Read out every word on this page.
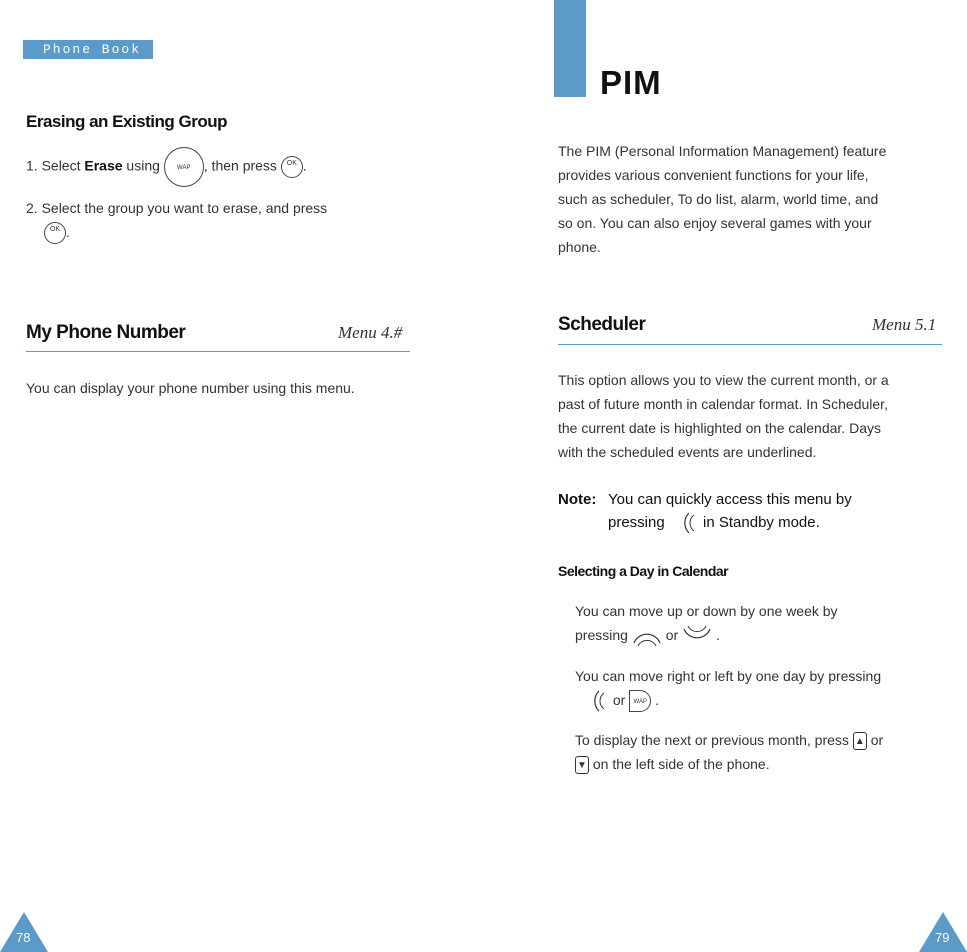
Phone Book
Erasing an Existing Group
1. Select Erase using WAP , then press OK .
2. Select the group you want to erase, and press
OK .
My Phone Number	Menu 4.#
You can display your phone number using this menu.
78
PIM
The PIM (Personal Information Management) feature
provides various convenient functions for your life,
such as scheduler, To do list, alarm, world time, and
so on. You can also enjoy several games with your
phone.
Scheduler	Menu 5.1
This option allows you to view the current month, or a
past of future month in calendar format. In Scheduler,
the current date is highlighted on the calendar. Days
with the scheduled events are underlined.
Note: You can quickly access this menu by
pressing  in Standby mode.
Selecting a Day in Calendar
You can move up or down by one week by
pressing  or  .
You can move right or left by one day by pressing
or WAP .
To display the next or previous month, press ▲ or
▼ on the left side of the phone.
79
